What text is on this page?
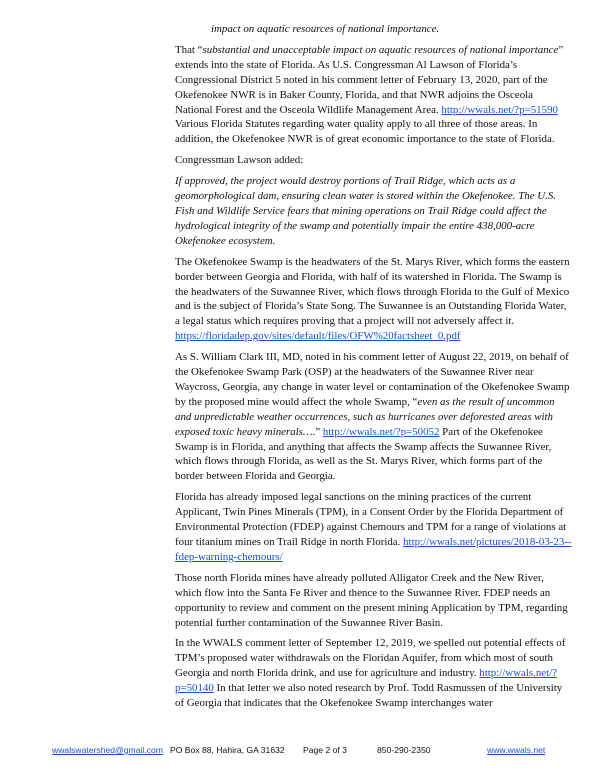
impact on aquatic resources of national importance.

That “substantial and unacceptable impact on aquatic resources of national importance” extends into the state of Florida. As U.S. Congressman Al Lawson of Florida’s Congressional District 5 noted in his comment letter of February 13, 2020, part of the Okefenokee NWR is in Baker County, Florida, and that NWR adjoins the Osceola National Forest and the Osceola Wildlife Management Area. http://wwals.net/?p=51590 Various Florida Statutes regarding water quality apply to all three of those areas. In addition, the Okefenokee NWR is of great economic importance to the state of Florida.

Congressman Lawson added:

If approved, the project would destroy portions of Trail Ridge, which acts as a geomorphological dam, ensuring clean water is stored within the Okefenokee. The U.S. Fish and Wildlife Service fears that mining operations on Trail Ridge could affect the hydrological integrity of the swamp and potentially impair the entire 438,000-acre Okefenokee ecosystem.

The Okefenokee Swamp is the headwaters of the St. Marys River, which forms the eastern border between Georgia and Florida, with half of its watershed in Florida. The Swamp is the headwaters of the Suwannee River, which flows through Florida to the Gulf of Mexico and is the subject of Florida’s State Song. The Suwannee is an Outstanding Florida Water, a legal status which requires proving that a project will not adversely affect it. https://floridadep.gov/sites/default/files/OFW%20factsheet_0.pdf

As S. William Clark III, MD, noted in his comment letter of August 22, 2019, on behalf of the Okefenokee Swamp Park (OSP) at the headwaters of the Suwannee River near Waycross, Georgia, any change in water level or contamination of the Okefenokee Swamp by the proposed mine would affect the whole Swamp, “even as the result of uncommon and unpredictable weather occurrences, such as hurricanes over deforested areas with exposed toxic heavy minerals….” http://wwals.net/?p=50052 Part of the Okefenokee Swamp is in Florida, and anything that affects the Swamp affects the Suwannee River, which flows through Florida, as well as the St. Marys River, which forms part of the border between Florida and Georgia.

Florida has already imposed legal sanctions on the mining practices of the current Applicant, Twin Pines Minerals (TPM), in a Consent Order by the Florida Department of Environmental Protection (FDEP) against Chemours and TPM for a range of violations at four titanium mines on Trail Ridge in north Florida. http://wwals.net/pictures/2018-03-23--fdep-warning-chemours/

Those north Florida mines have already polluted Alligator Creek and the New River, which flow into the Santa Fe River and thence to the Suwannee River. FDEP needs an opportunity to review and comment on the present mining Application by TPM, regarding potential further contamination of the Suwannee River Basin.

In the WWALS comment letter of September 12, 2019, we spelled out potential effects of TPM’s proposed water withdrawals on the Floridan Aquifer, from which most of south Georgia and north Florida drink, and use for agriculture and industry. http://wwals.net/?p=50140 In that letter we also noted research by Prof. Todd Rasmussen of the University of Georgia that indicates that the Okefenokee Swamp interchanges water

wwalswatershed@gmail.com PO Box 88, Hahira, GA 31632 Page 2 of 3	850-290-2350	www.wwals.net
